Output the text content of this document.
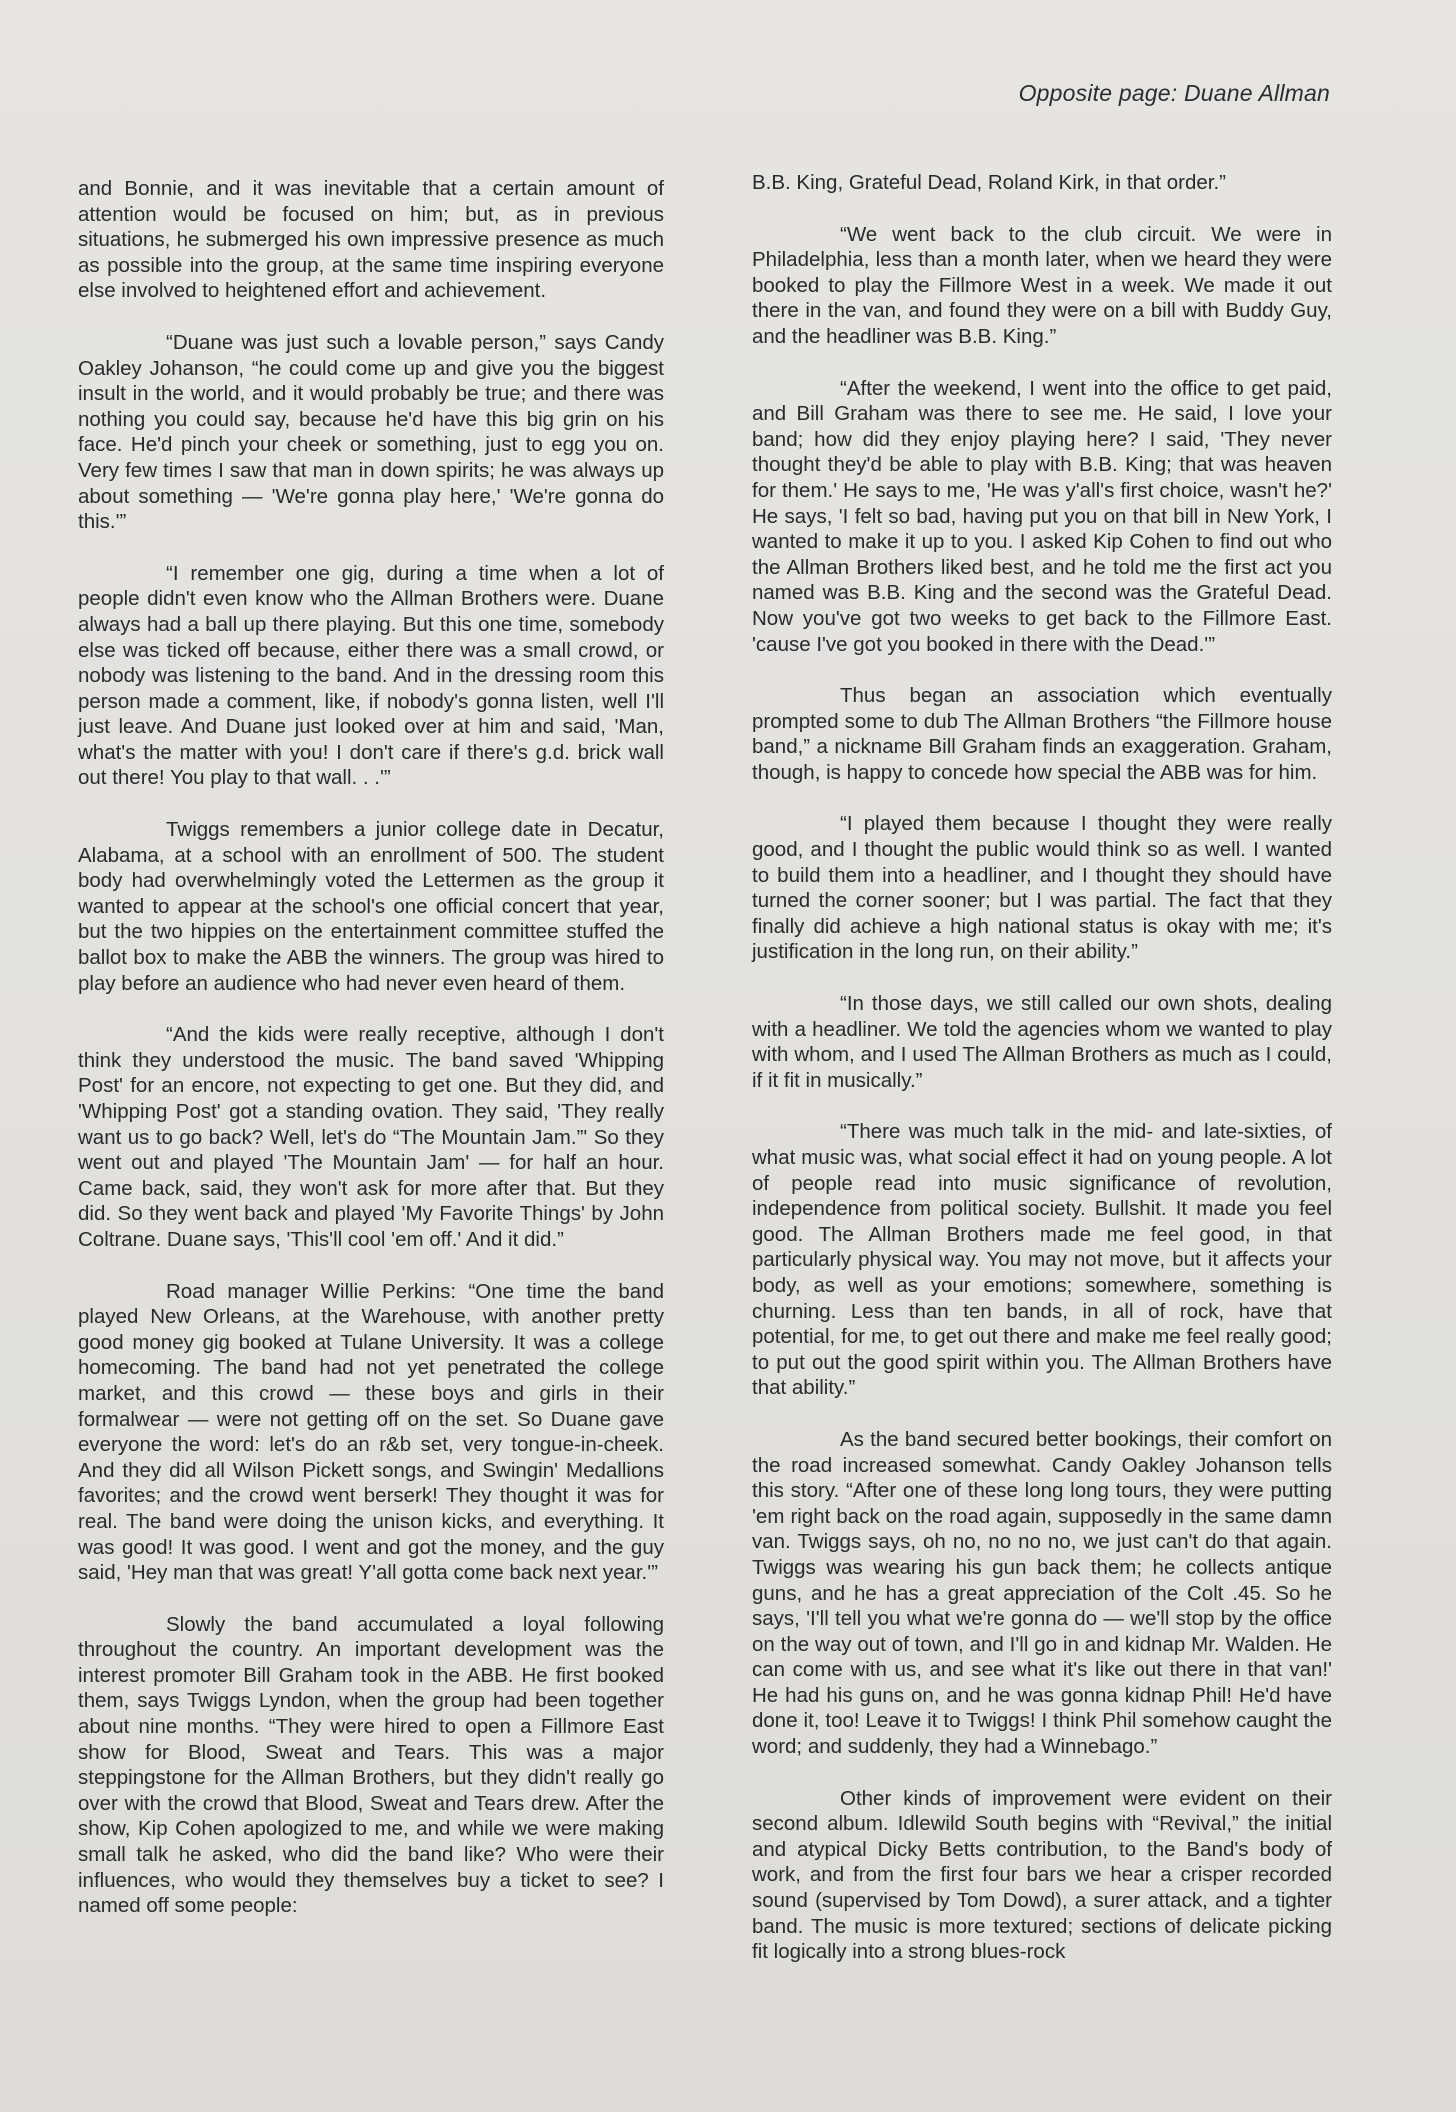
Opposite page: Duane Allman

and Bonnie, and it was inevitable that a certain amount of attention would be focused on him; but, as in previous situations, he submerged his own impressive presence as much as possible into the group, at the same time inspiring everyone else involved to heightened effort and achievement.

“Duane was just such a lovable person,” says Candy Oakley Johanson, “he could come up and give you the biggest insult in the world, and it would probably be true; and there was nothing you could say, because he'd have this big grin on his face. He'd pinch your cheek or something, just to egg you on. Very few times I saw that man in down spirits; he was always up about something — 'We're gonna play here,' 'We're gonna do this.'”

“I remember one gig, during a time when a lot of people didn't even know who the Allman Brothers were. Duane always had a ball up there playing. But this one time, somebody else was ticked off because, either there was a small crowd, or nobody was listening to the band. And in the dressing room this person made a comment, like, if nobody's gonna listen, well I'll just leave. And Duane just looked over at him and said, 'Man, what's the matter with you! I don't care if there's g.d. brick wall out there! You play to that wall. . .'”

Twiggs remembers a junior college date in Decatur, Alabama, at a school with an enrollment of 500. The student body had overwhelmingly voted the Lettermen as the group it wanted to appear at the school's one official concert that year, but the two hippies on the entertainment committee stuffed the ballot box to make the ABB the winners. The group was hired to play before an audience who had never even heard of them.

“And the kids were really receptive, although I don't think they understood the music. The band saved 'Whipping Post' for an encore, not expecting to get one. But they did, and 'Whipping Post' got a standing ovation. They said, 'They really want us to go back? Well, let's do “The Mountain Jam.”' So they went out and played 'The Mountain Jam' — for half an hour. Came back, said, they won't ask for more after that. But they did. So they went back and played 'My Favorite Things' by John Coltrane. Duane says, 'This'll cool 'em off.' And it did.”

Road manager Willie Perkins: “One time the band played New Orleans, at the Warehouse, with another pretty good money gig booked at Tulane University. It was a college homecoming. The band had not yet penetrated the college market, and this crowd — these boys and girls in their formalwear — were not getting off on the set. So Duane gave everyone the word: let's do an r&b set, very tongue-in-cheek. And they did all Wilson Pickett songs, and Swingin' Medallions favorites; and the crowd went berserk! They thought it was for real. The band were doing the unison kicks, and everything. It was good! It was good. I went and got the money, and the guy said, 'Hey man that was great! Y'all gotta come back next year.'”

Slowly the band accumulated a loyal following throughout the country. An important development was the interest promoter Bill Graham took in the ABB. He first booked them, says Twiggs Lyndon, when the group had been together about nine months. “They were hired to open a Fillmore East show for Blood, Sweat and Tears. This was a major steppingstone for the Allman Brothers, but they didn't really go over with the crowd that Blood, Sweat and Tears drew. After the show, Kip Cohen apologized to me, and while we were making small talk he asked, who did the band like? Who were their influences, who would they themselves buy a ticket to see? I named off some people:

B.B. King, Grateful Dead, Roland Kirk, in that order.”

“We went back to the club circuit. We were in Philadelphia, less than a month later, when we heard they were booked to play the Fillmore West in a week. We made it out there in the van, and found they were on a bill with Buddy Guy, and the headliner was B.B. King.”

“After the weekend, I went into the office to get paid, and Bill Graham was there to see me. He said, I love your band; how did they enjoy playing here? I said, 'They never thought they'd be able to play with B.B. King; that was heaven for them.' He says to me, 'He was y'all's first choice, wasn't he?' He says, 'I felt so bad, having put you on that bill in New York, I wanted to make it up to you. I asked Kip Cohen to find out who the Allman Brothers liked best, and he told me the first act you named was B.B. King and the second was the Grateful Dead. Now you've got two weeks to get back to the Fillmore East. 'cause I've got you booked in there with the Dead.'”

Thus began an association which eventually prompted some to dub The Allman Brothers “the Fillmore house band,” a nickname Bill Graham finds an exaggeration. Graham, though, is happy to concede how special the ABB was for him.

“I played them because I thought they were really good, and I thought the public would think so as well. I wanted to build them into a headliner, and I thought they should have turned the corner sooner; but I was partial. The fact that they finally did achieve a high national status is okay with me; it's justification in the long run, on their ability.”

“In those days, we still called our own shots, dealing with a headliner. We told the agencies whom we wanted to play with whom, and I used The Allman Brothers as much as I could, if it fit in musically.”

“There was much talk in the mid- and late-sixties, of what music was, what social effect it had on young people. A lot of people read into music significance of revolution, independence from political society. Bullshit. It made you feel good. The Allman Brothers made me feel good, in that particularly physical way. You may not move, but it affects your body, as well as your emotions; somewhere, something is churning. Less than ten bands, in all of rock, have that potential, for me, to get out there and make me feel really good; to put out the good spirit within you. The Allman Brothers have that ability.”

As the band secured better bookings, their comfort on the road increased somewhat. Candy Oakley Johanson tells this story. “After one of these long long tours, they were putting 'em right back on the road again, supposedly in the same damn van. Twiggs says, oh no, no no no, we just can't do that again. Twiggs was wearing his gun back them; he collects antique guns, and he has a great appreciation of the Colt .45. So he says, 'I'll tell you what we're gonna do — we'll stop by the office on the way out of town, and I'll go in and kidnap Mr. Walden. He can come with us, and see what it's like out there in that van!' He had his guns on, and he was gonna kidnap Phil! He'd have done it, too! Leave it to Twiggs! I think Phil somehow caught the word; and suddenly, they had a Winnebago.”

Other kinds of improvement were evident on their second album. Idlewild South begins with “Revival,” the initial and atypical Dicky Betts contribution, to the Band's body of work, and from the first four bars we hear a crisper recorded sound (supervised by Tom Dowd), a surer attack, and a tighter band. The music is more textured; sections of delicate picking fit logically into a strong blues-rock
